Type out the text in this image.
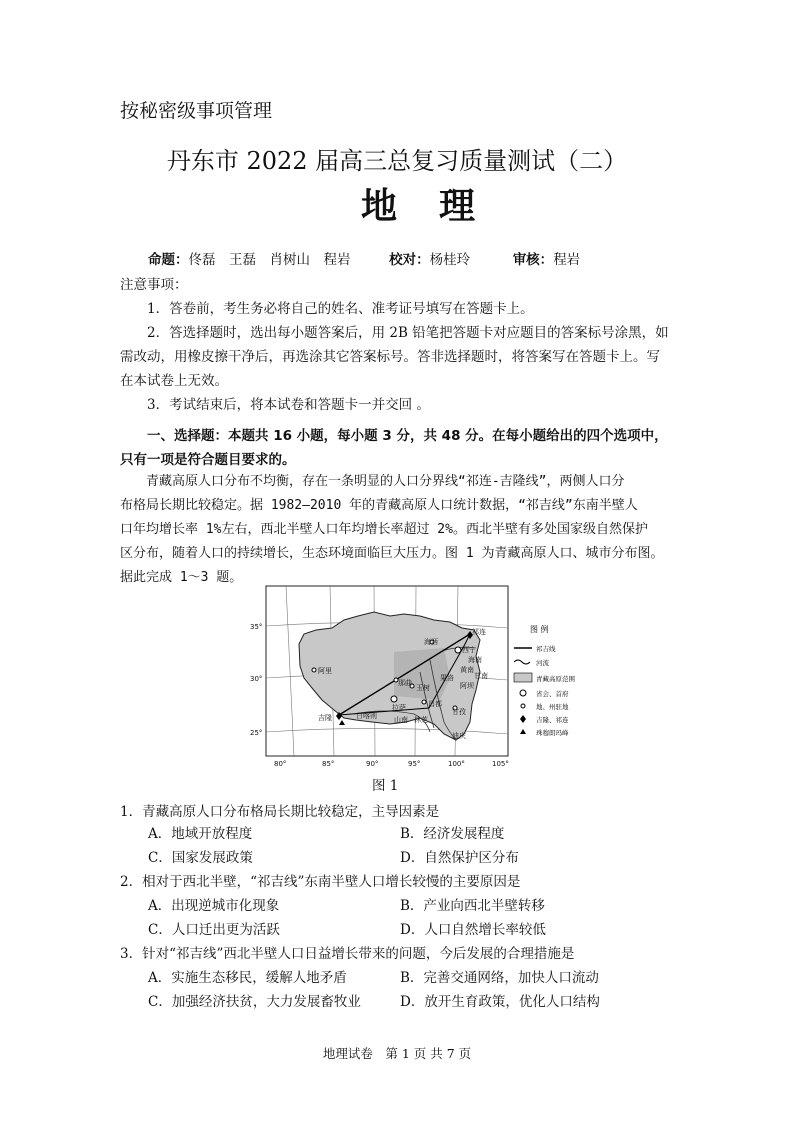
按秘密级事项管理
丹东市 2022 届高三总复习质量测试（二）
地理
命题：佟磊　王磊　肖树山　程岩	校对：杨桂玲	审核：程岩
注意事项：
1．答卷前，考生务必将自己的姓名、准考证号填写在答题卡上。
2．答选择题时，选出每小题答案后，用 2B 铅笔把答题卡对应题目的答案标号涂黑，如
需改动，用橡皮擦干净后，再选涂其它答案标号。答非选择题时，将答案写在答题卡上。写
在本试卷上无效。
3．考试结束后，将本试卷和答题卡一并交回 。
一、选择题：本题共 16 小题，每小题 3 分，共 48 分。在每小题给出的四个选项中，
只有一项是符合题目要求的。
青藏高原人口分布不均衡，存在一条明显的人口分界线“祁连-吉隆线”，两侧人口分
布格局长期比较稳定。据 1982—2010 年的青藏高原人口统计数据，“祁吉线”东南半壁人
口年均增长率 1%左右，西北半壁人口年均增长率超过 2%。西北半壁有多处国家级自然保护
区分布，随着人口的持续增长，生态环境面临巨大压力。图 1 为青藏高原人口、城市分布图。
据此完成 1～3 题。
阿里
海西
祁连
西宁
海南
黄南
甘南
果洛
阿坝
玉树
那曲
拉萨	昌都
甘孜
日喀则 山南 林芝
迪庆
吉隆
35°
30°
25°
80°	85°	90°	95°	100°	105°
图 例
祁吉线
河流
青藏高原范围
省会、首府
地、州驻地
吉隆、祁连
珠穆朗玛峰
图 1
1．青藏高原人口分布格局长期比较稳定，主导因素是
A．地域开放程度	B．经济发展程度
C．国家发展政策	D．自然保护区分布
2．相对于西北半壁，“祁吉线”东南半壁人口增长较慢的主要原因是
A．出现逆城市化现象	B．产业向西北半壁转移
C．人口迁出更为活跃	D．人口自然增长率较低
3．针对“祁吉线”西北半壁人口日益增长带来的问题，今后发展的合理措施是
A．实施生态移民，缓解人地矛盾	B．完善交通网络，加快人口流动
C．加强经济扶贫，大力发展畜牧业	D．放开生育政策，优化人口结构
地理试卷　第 1 页 共 7 页
